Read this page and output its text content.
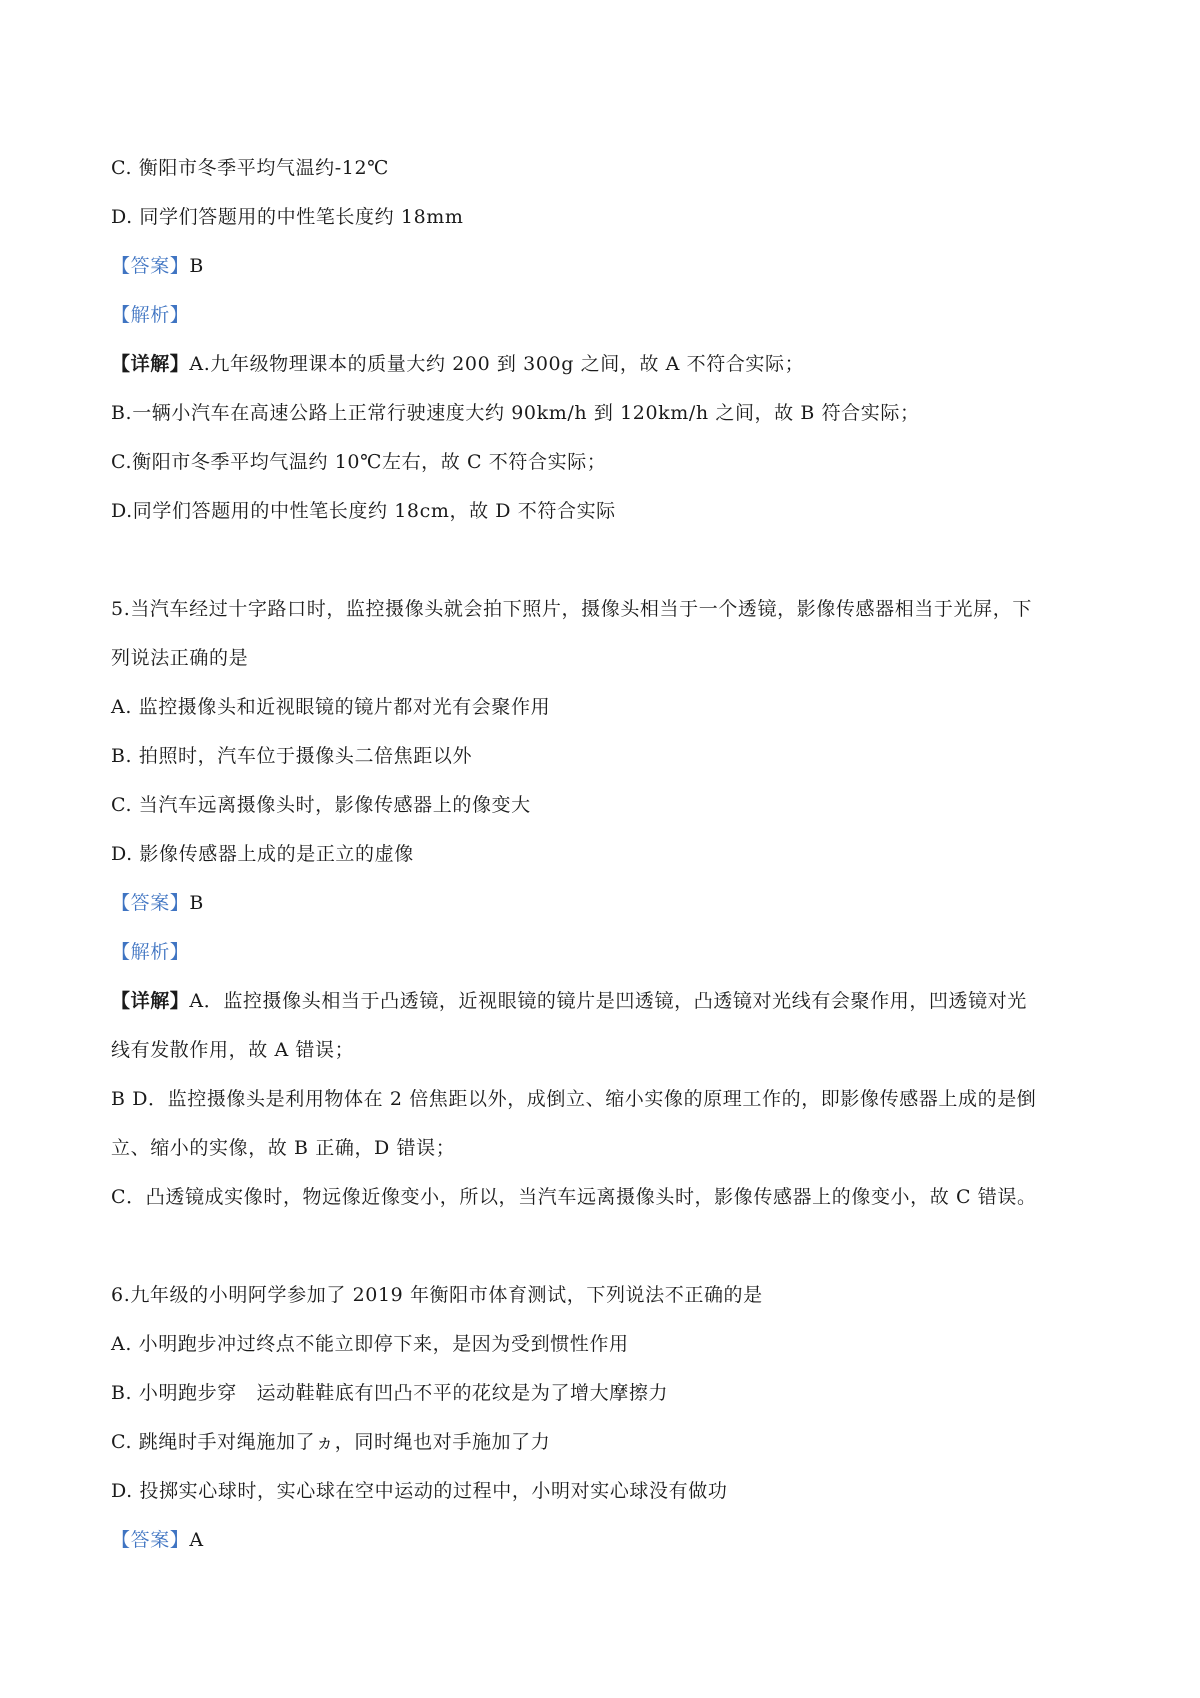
C. 衡阳市冬季平均气温约-12℃
D. 同学们答题用的中性笔长度约 18mm
【答案】B
【解析】
【详解】A.九年级物理课本的质量大约 200 到 300g 之间，故 A 不符合实际；
B.一辆小汽车在高速公路上正常行驶速度大约 90km/h 到 120km/h 之间，故 B 符合实际；
C.衡阳市冬季平均气温约 10℃左右，故 C 不符合实际；
D.同学们答题用的中性笔长度约 18cm，故 D 不符合实际
5.当汽车经过十字路口时，监控摄像头就会拍下照片，摄像头相当于一个透镜，影像传感器相当于光屏，下
列说法正确的是
A. 监控摄像头和近视眼镜的镜片都对光有会聚作用
B. 拍照时，汽车位于摄像头二倍焦距以外
C. 当汽车远离摄像头时，影像传感器上的像变大
D. 影像传感器上成的是正立的虚像
【答案】B
【解析】
【详解】A．监控摄像头相当于凸透镜，近视眼镜的镜片是凹透镜，凸透镜对光线有会聚作用，凹透镜对光
线有发散作用，故 A 错误；
B D．监控摄像头是利用物体在 2 倍焦距以外，成倒立、缩小实像的原理工作的，即影像传感器上成的是倒
立、缩小的实像，故 B 正确，D 错误；
C．凸透镜成实像时，物远像近像变小，所以，当汽车远离摄像头时，影像传感器上的像变小，故 C 错误。
6.九年级的小明阿学参加了 2019 年衡阳市体育测试，下列说法不正确的是
A. 小明跑步冲过终点不能立即停下来，是因为受到惯性作用
B. 小明跑步穿　运动鞋鞋底有凹凸不平的花纹是为了增大摩擦力
C. 跳绳时手对绳施加了ヵ，同时绳也对手施加了力
D. 投掷实心球时，实心球在空中运动的过程中，小明对实心球没有做功
【答案】A
